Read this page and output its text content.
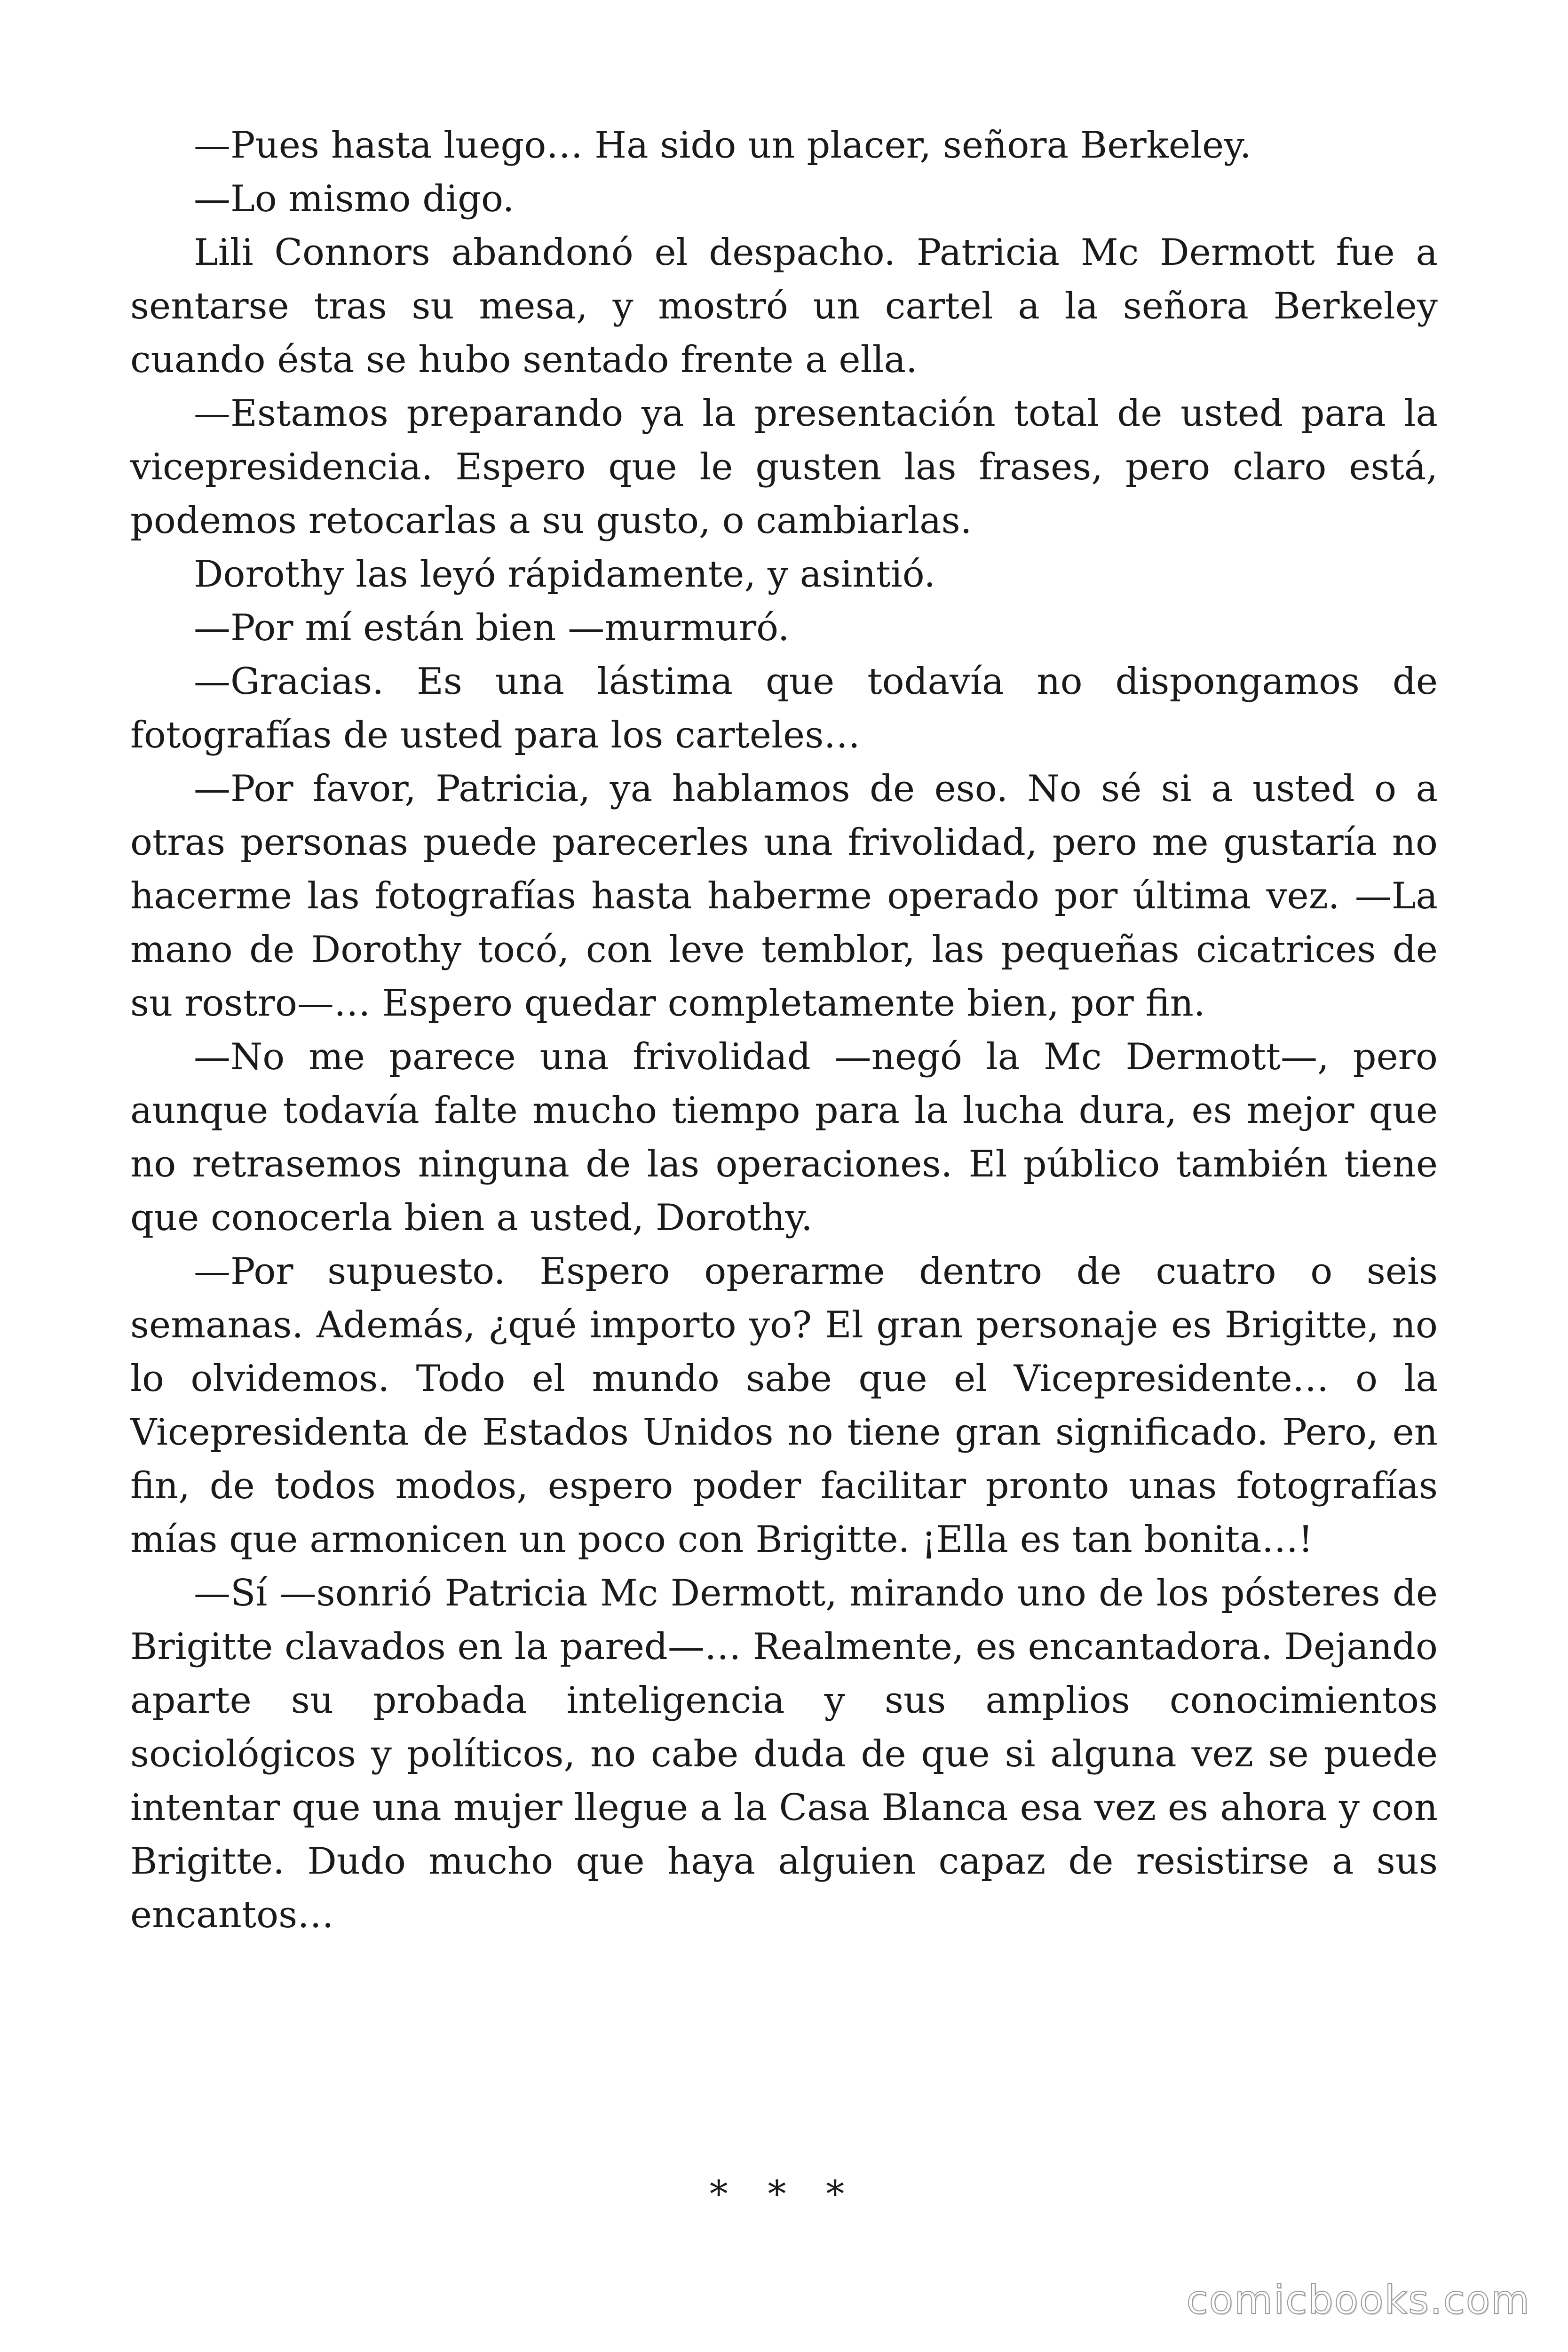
—Pues hasta luego… Ha sido un placer, señora Berkeley.

—Lo mismo digo.

Lili Connors abandonó el despacho. Patricia Mc Dermott fue a sentarse tras su mesa, y mostró un cartel a la señora Berkeley cuando ésta se hubo sentado frente a ella.

—Estamos preparando ya la presentación total de usted para la vicepresidencia. Espero que le gusten las frases, pero claro está, podemos retocarlas a su gusto, o cambiarlas.

Dorothy las leyó rápidamente, y asintió.

—Por mí están bien —murmuró.

—Gracias. Es una lástima que todavía no dispongamos de fotografías de usted para los carteles…

—Por favor, Patricia, ya hablamos de eso. No sé si a usted o a otras personas puede parecerles una frivolidad, pero me gustaría no hacerme las fotografías hasta haberme operado por última vez. —La mano de Dorothy tocó, con leve temblor, las pequeñas cicatrices de su rostro—… Espero quedar completamente bien, por fin.

—No me parece una frivolidad —negó la Mc Dermott—, pero aunque todavía falte mucho tiempo para la lucha dura, es mejor que no retrasemos ninguna de las operaciones. El público también tiene que conocerla bien a usted, Dorothy.

—Por supuesto. Espero operarme dentro de cuatro o seis semanas. Además, ¿qué importo yo? El gran personaje es Brigitte, no lo olvidemos. Todo el mundo sabe que el Vicepresidente… o la Vicepresidenta de Estados Unidos no tiene gran significado. Pero, en fin, de todos modos, espero poder facilitar pronto unas fotografías mías que armonicen un poco con Brigitte. ¡Ella es tan bonita…!

—Sí —sonrió Patricia Mc Dermott, mirando uno de los pósteres de Brigitte clavados en la pared—… Realmente, es encantadora. Dejando aparte su probada inteligencia y sus amplios conocimientos sociológicos y políticos, no cabe duda de que si alguna vez se puede intentar que una mujer llegue a la Casa Blanca esa vez es ahora y con Brigitte. Dudo mucho que haya alguien capaz de resistirse a sus encantos…

* * *
comicbooks.com
